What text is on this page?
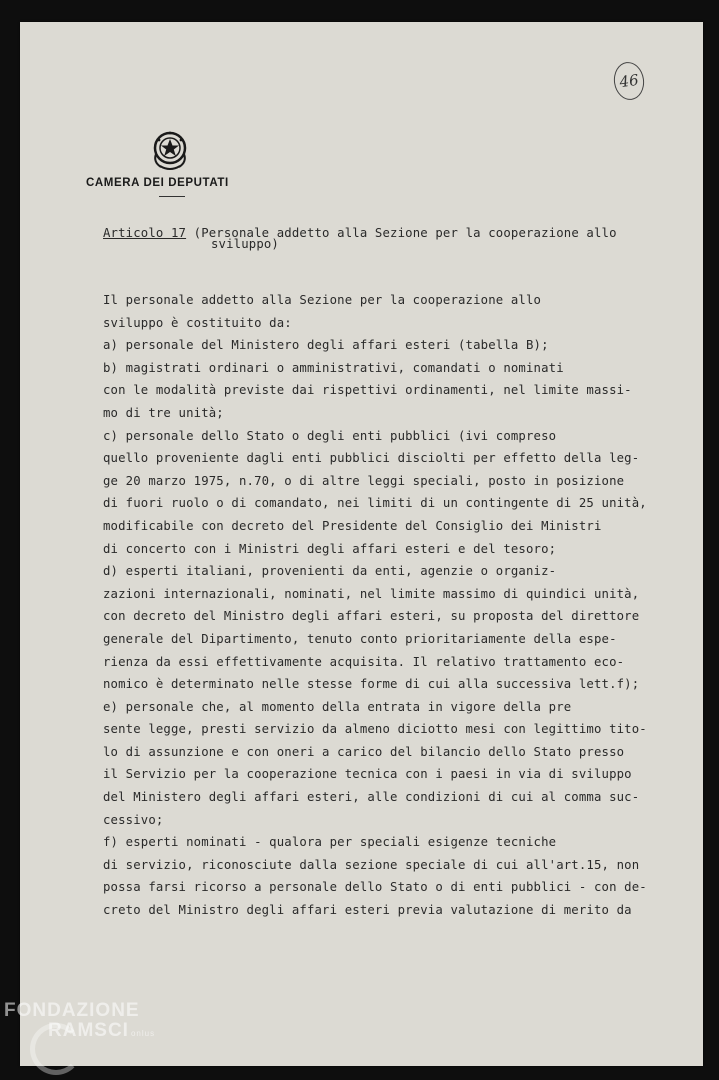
46
CAMERA DEI DEPUTATI
Articolo 17 (Personale addetto alla Sezione per la cooperazione allo
sviluppo)
Il personale addetto alla Sezione per la cooperazione allo
sviluppo è costituito da:
a) personale del Ministero degli affari esteri (tabella B);
b) magistrati ordinari o amministrativi, comandati o nominati
con le modalità previste dai rispettivi ordinamenti, nel limite massi-
mo di tre unità;
c) personale dello Stato o degli enti pubblici (ivi compreso
quello proveniente dagli enti pubblici disciolti per effetto della leg-
ge 20 marzo 1975, n.70, o di altre leggi speciali, posto in posizione
di fuori ruolo o di comandato, nei limiti di un contingente di 25 unità,
modificabile con decreto del Presidente del Consiglio dei Ministri
di concerto con i Ministri degli affari esteri e del tesoro;
d) esperti italiani, provenienti da enti, agenzie o organiz-
zazioni internazionali, nominati, nel limite massimo di quindici unità,
con decreto del Ministro degli affari esteri, su proposta del direttore
generale del Dipartimento, tenuto conto prioritariamente della espe-
rienza da essi effettivamente acquisita. Il relativo trattamento eco-
nomico è determinato nelle stesse forme di cui alla successiva lett.f);
e) personale che, al momento della entrata in vigore della pre
sente legge, presti servizio da almeno diciotto mesi con legittimo tito-
lo di assunzione e con oneri a carico del bilancio dello Stato presso
il Servizio per la cooperazione tecnica con i paesi in via di sviluppo
del Ministero degli affari esteri, alle condizioni di cui al comma suc-
cessivo;
f) esperti nominati - qualora per speciali esigenze tecniche
di servizio, riconosciute dalla sezione speciale di cui all'art.15, non
possa farsi ricorso a personale dello Stato o di enti pubblici - con de-
creto del Ministro degli affari esteri previa valutazione di merito da
FONDAZIONE
RAMSCI onlus
